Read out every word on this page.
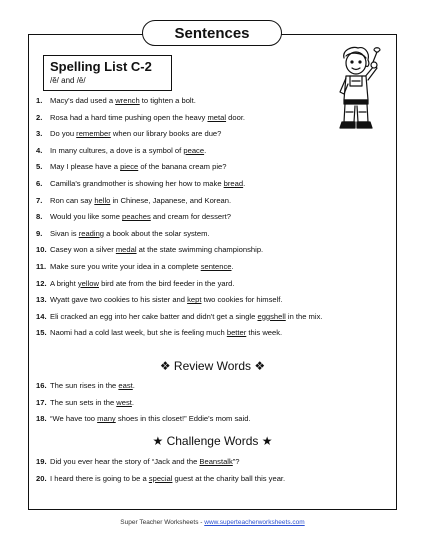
Sentences
Spelling List C-2
/ĕ/ and /ē/
1.	Macy's dad used a wrench to tighten a bolt.
2.	Rosa had a hard time pushing open the heavy metal door.
3.	Do you remember when our library books are due?
4.	In many cultures, a dove is a symbol of peace.
5.	May I please have a piece of the banana cream pie?
6.	Camilla's grandmother is showing her how to make bread.
7.	Ron can say hello in Chinese, Japanese, and Korean.
8.	Would you like some peaches and cream for dessert?
9.	Sivan is reading a book about the solar system.
10. Casey won a silver medal at the state swimming championship.
11. Make sure you write your idea in a complete sentence.
12. A bright yellow bird ate from the bird feeder in the yard.
13. Wyatt gave two cookies to his sister and kept two cookies for himself.
14. Eli cracked an egg into her cake batter and didn't get a single eggshell in the mix.
15. Naomi had a cold last week, but she is feeling much better this week.
❖ Review Words ❖
16. The sun rises in the east.
17. The sun sets in the west.
18. “We have too many shoes in this closet!” Eddie's mom said.
★ Challenge Words ★
19. Did you ever hear the story of “Jack and the Beanstalk”?
20. I heard there is going to be a special guest at the charity ball this year.
Super Teacher Worksheets - www.superteacherworksheets.com
